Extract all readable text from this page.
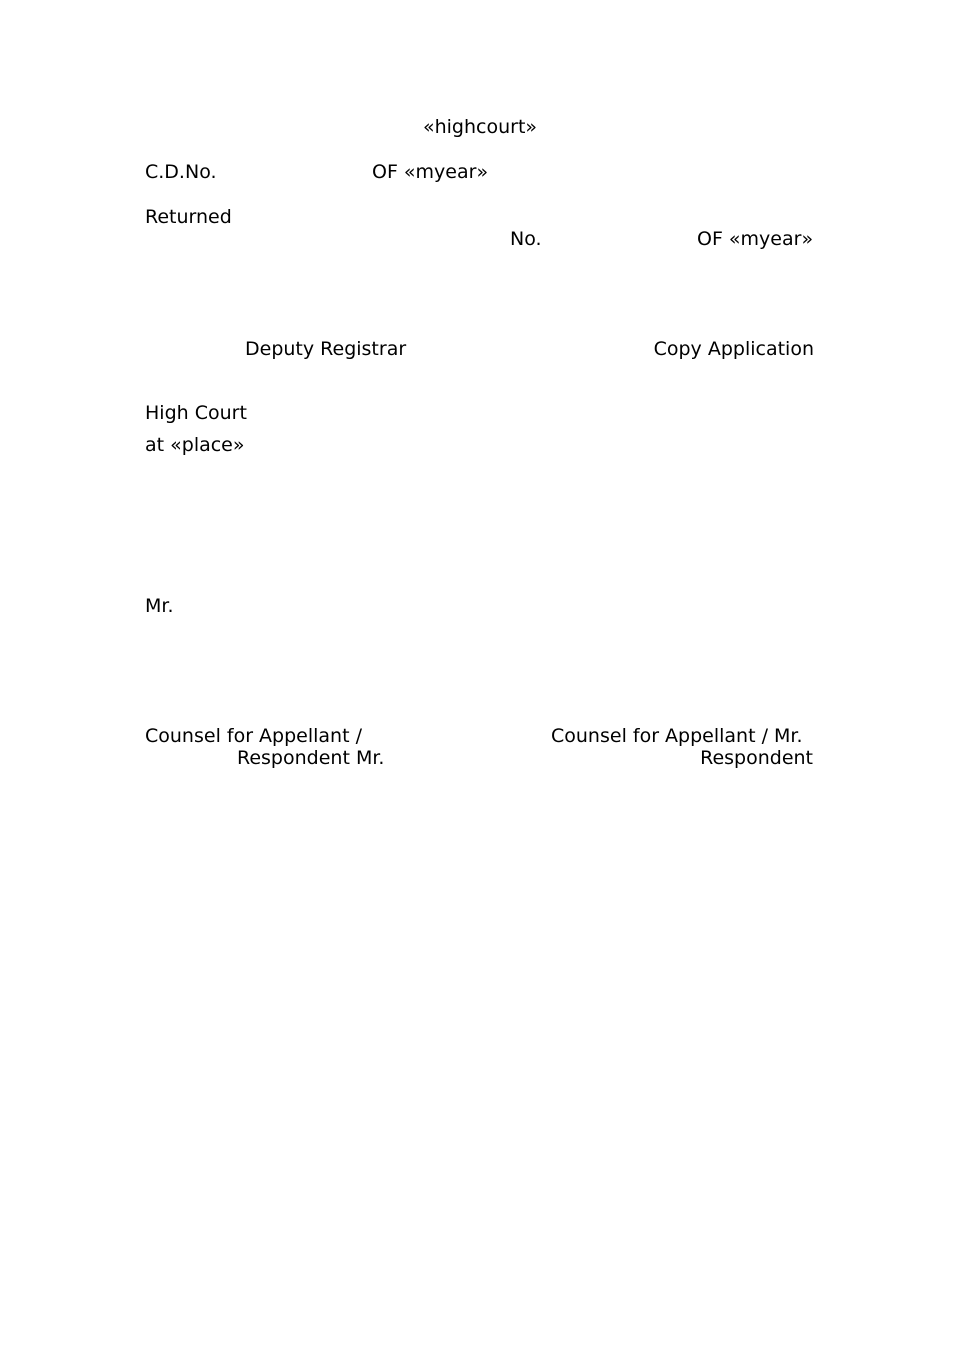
«highcourt»
C.D.No.	OF «myear»
Returned
No.	OF «myear»
Deputy Registrar	Copy Application
High Court
at «place»
Mr.
Counsel for Appellant /
Respondent Mr.
Counsel for Appellant / Mr.
Respondent
